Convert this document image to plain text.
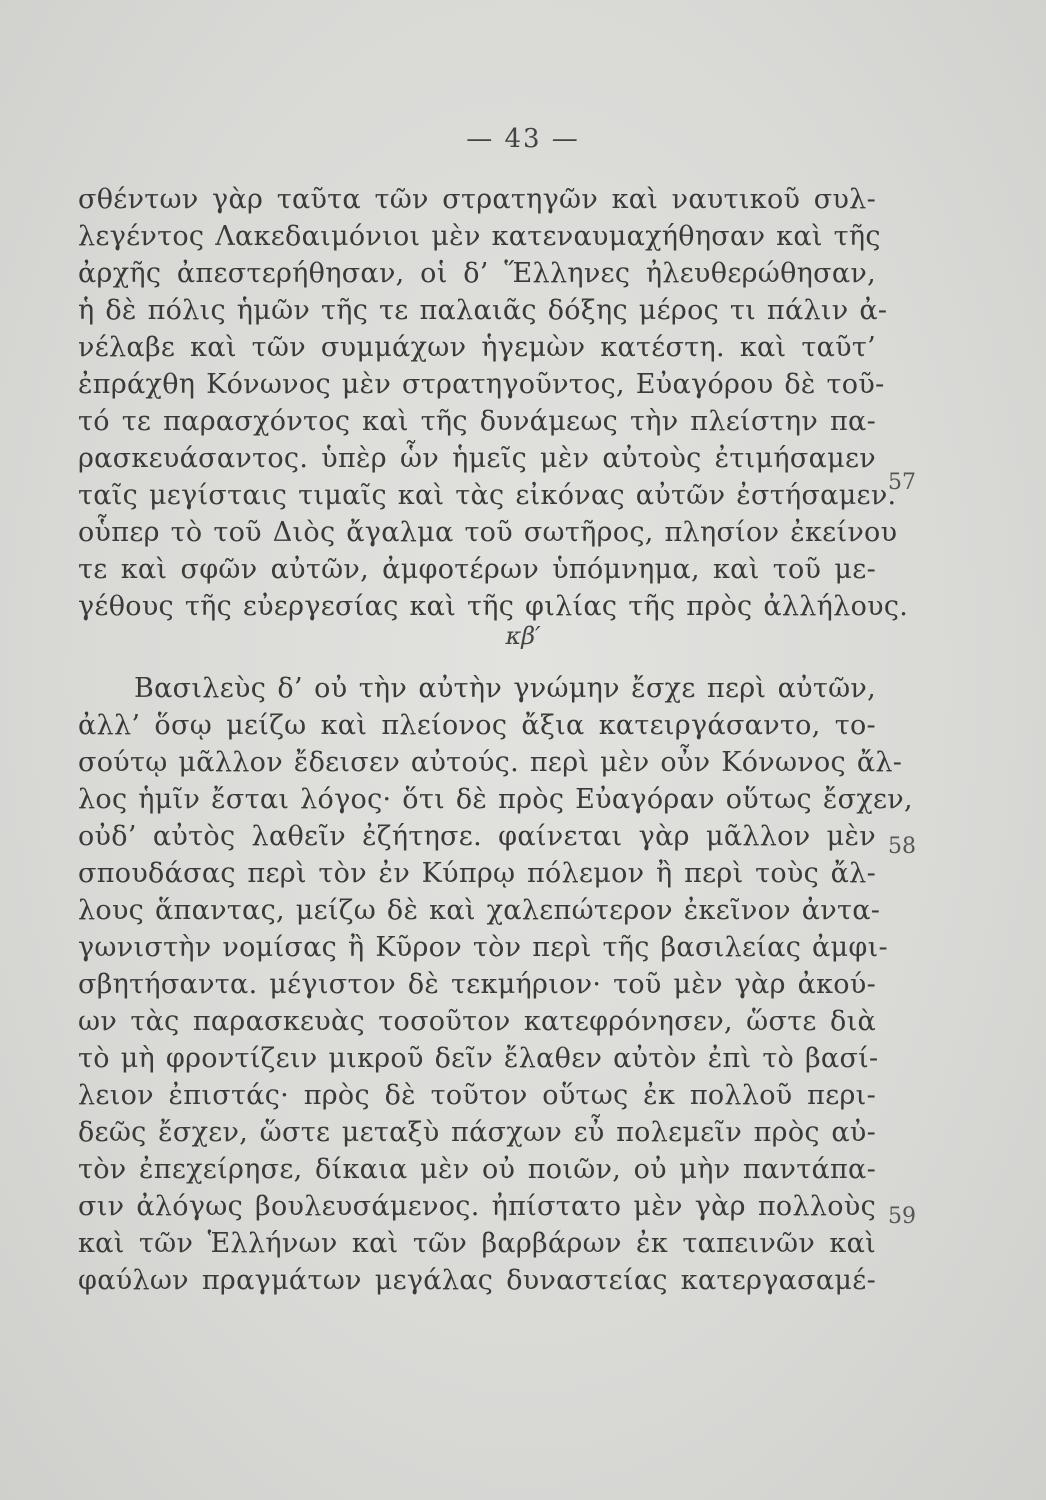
— 43 —
σθέντων γὰρ ταῦτα τῶν στρατηγῶν καὶ ναυτικοῦ συλ-
λεγέντος Λακεδαιμόνιοι μὲν κατεναυμαχήθησαν καὶ τῆς
ἀρχῆς ἀπεστερήθησαν, οἱ δ’ Ἕλληνες ἠλευθερώθησαν,
ἡ δὲ πόλις ἡμῶν τῆς τε παλαιᾶς δόξης μέρος τι πάλιν ἀ-
νέλαβε καὶ τῶν συμμάχων ἡγεμὼν κατέστη. καὶ ταῦτ’
ἐπράχθη Κόνωνος μὲν στρατηγοῦντος, Εὐαγόρου δὲ τοῦ-
τό τε παρασχόντος καὶ τῆς δυνάμεως τὴν πλείστην πα-
ρασκευάσαντος. ὑπὲρ ὧν ἡμεῖς μὲν αὐτοὺς ἐτιμήσαμεν
ταῖς μεγίσταις τιμαῖς καὶ τὰς εἰκόνας αὐτῶν ἐστήσαμεν.
οὗπερ τὸ τοῦ Διὸς ἄγαλμα τοῦ σωτῆρος, πλησίον ἐκείνου
τε καὶ σφῶν αὐτῶν, ἀμφοτέρων ὑπόμνημα, καὶ τοῦ με-
γέθους τῆς εὐεργεσίας καὶ τῆς φιλίας τῆς πρὸς ἀλλήλους.
κβ′
Βασιλεὺς δ’ οὐ τὴν αὐτὴν γνώμην ἔσχε περὶ αὐτῶν,
ἀλλ’ ὅσῳ μείζω καὶ πλείονος ἄξια κατειργάσαντο, το-
σούτῳ μᾶλλον ἔδεισεν αὐτούς. περὶ μὲν οὖν Κόνωνος ἄλ-
λος ἡμῖν ἔσται λόγος· ὅτι δὲ πρὸς Εὐαγόραν οὕτως ἔσχεν,
οὐδ’ αὐτὸς λαθεῖν ἐζήτησε. φαίνεται γὰρ μᾶλλον μὲν
σπουδάσας περὶ τὸν ἐν Κύπρῳ πόλεμον ἢ περὶ τοὺς ἄλ-
λους ἅπαντας, μείζω δὲ καὶ χαλεπώτερον ἐκεῖνον ἀντα-
γωνιστὴν νομίσας ἢ Κῦρον τὸν περὶ τῆς βασιλείας ἀμφι-
σβητήσαντα. μέγιστον δὲ τεκμήριον· τοῦ μὲν γὰρ ἀκού-
ων τὰς παρασκευὰς τοσοῦτον κατεφρόνησεν, ὥστε διὰ
τὸ μὴ φροντίζειν μικροῦ δεῖν ἔλαθεν αὐτὸν ἐπὶ τὸ βασί-
λειον ἐπιστάς· πρὸς δὲ τοῦτον οὕτως ἐκ πολλοῦ περι-
δεῶς ἔσχεν, ὥστε μεταξὺ πάσχων εὖ πολεμεῖν πρὸς αὐ-
τὸν ἐπεχείρησε, δίκαια μὲν οὐ ποιῶν, οὐ μὴν παντάπα-
σιν ἀλόγως βουλευσάμενος. ἠπίστατο μὲν γὰρ πολλοὺς
καὶ τῶν Ἑλλήνων καὶ τῶν βαρβάρων ἐκ ταπεινῶν καὶ
φαύλων πραγμάτων μεγάλας δυναστείας κατεργασαμέ-
57
58
59
